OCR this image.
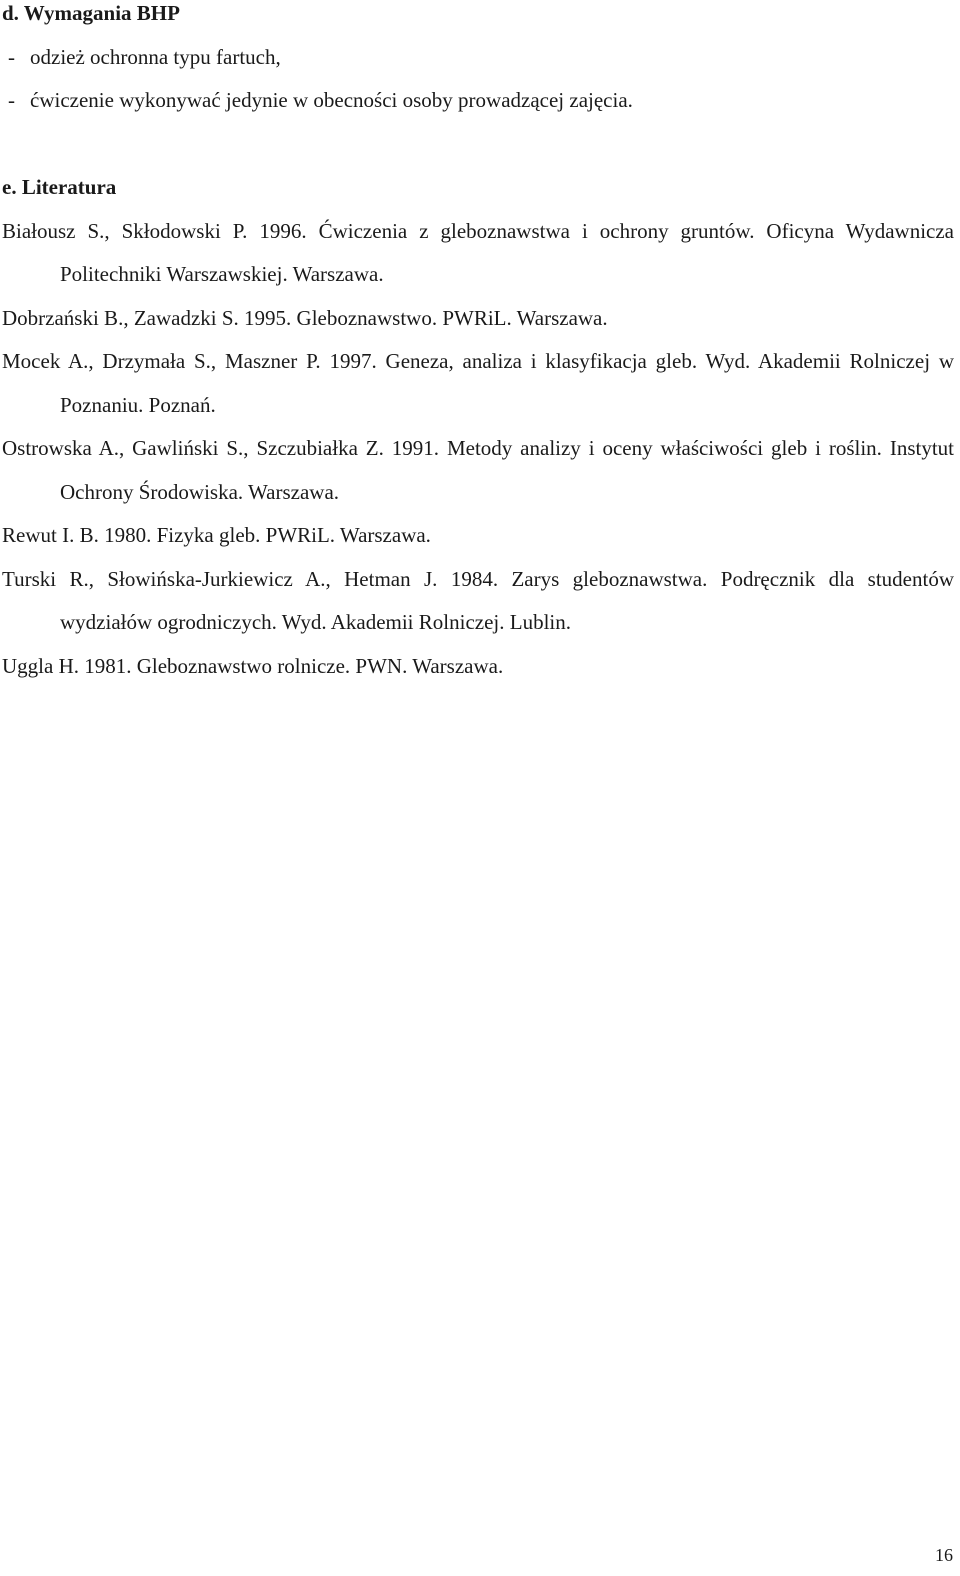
d. Wymagania BHP

- odzież ochronna typu fartuch,

- ćwiczenie wykonywać jedynie w obecności osoby prowadzącej zajęcia.

e. Literatura

Białousz S., Skłodowski P. 1996. Ćwiczenia z gleboznawstwa i ochrony gruntów. Oficyna Wydawnicza Politechniki Warszawskiej. Warszawa.

Dobrzański B., Zawadzki S. 1995. Gleboznawstwo. PWRiL. Warszawa.

Mocek A., Drzymała S., Maszner P. 1997. Geneza, analiza i klasyfikacja gleb. Wyd. Akademii Rolniczej w Poznaniu. Poznań.

Ostrowska A., Gawliński S., Szczubiałka Z. 1991. Metody analizy i oceny właściwości gleb i roślin. Instytut Ochrony Środowiska. Warszawa.

Rewut I. B. 1980. Fizyka gleb. PWRiL. Warszawa.

Turski R., Słowińska-Jurkiewicz A., Hetman J. 1984. Zarys gleboznawstwa. Podręcznik dla studentów wydziałów ogrodniczych. Wyd. Akademii Rolniczej. Lublin.

Uggla H. 1981. Gleboznawstwo rolnicze. PWN. Warszawa.

16
